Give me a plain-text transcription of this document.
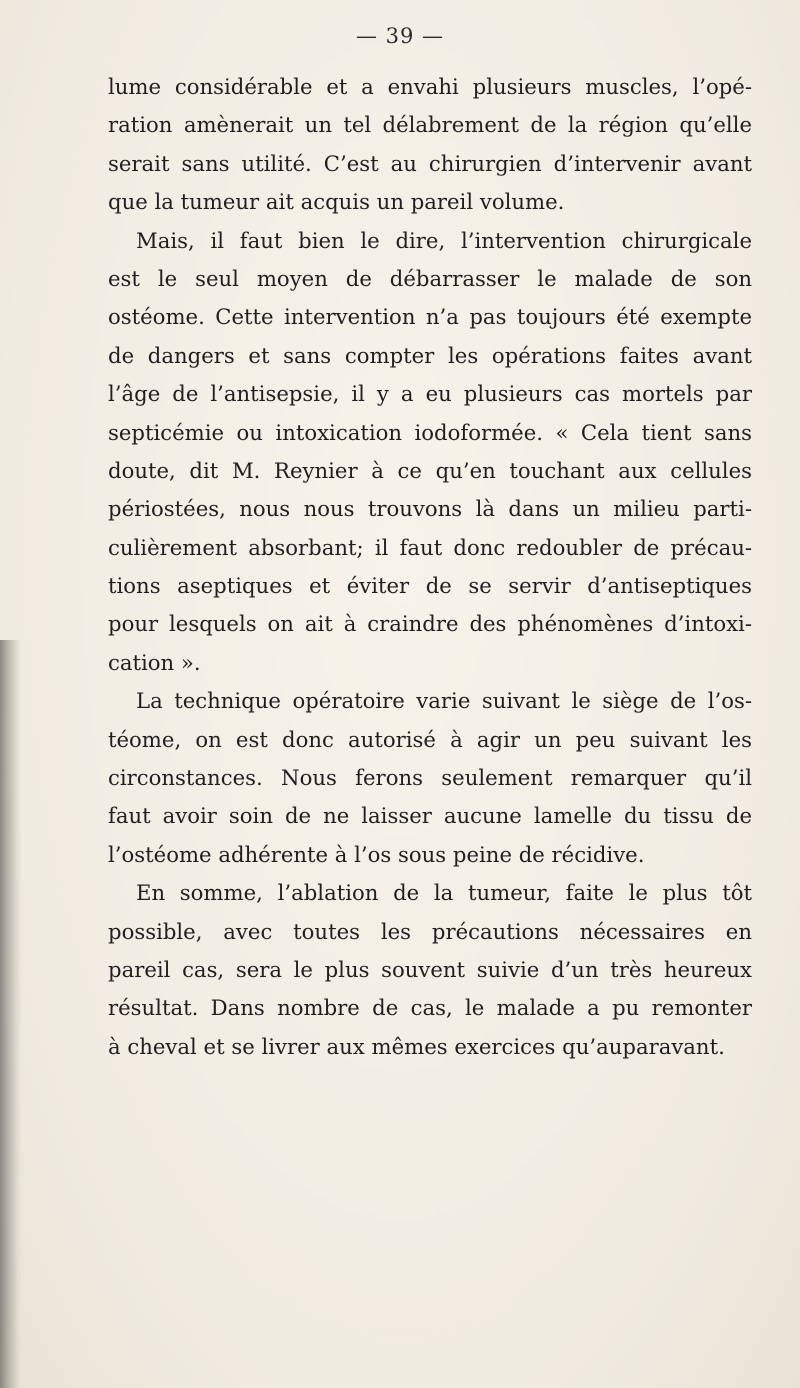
— 39 —
lume considérable et a envahi plusieurs muscles, l’opé-
ration amènerait un tel délabrement de la région qu’elle
serait sans utilité. C’est au chirurgien d’intervenir avant
que la tumeur ait acquis un pareil volume.
Mais, il faut bien le dire, l’intervention chirurgicale
est le seul moyen de débarrasser le malade de son
ostéome. Cette intervention n’a pas toujours été exempte
de dangers et sans compter les opérations faites avant
l’âge de l’antisepsie, il y a eu plusieurs cas mortels par
septicémie ou intoxication iodoformée. « Cela tient sans
doute, dit M. Reynier à ce qu’en touchant aux cellules
périostées, nous nous trouvons là dans un milieu parti-
culièrement absorbant; il faut donc redoubler de précau-
tions aseptiques et éviter de se servir d’antiseptiques
pour lesquels on ait à craindre des phénomènes d’intoxi-
cation ».
La technique opératoire varie suivant le siège de l’os-
téome, on est donc autorisé à agir un peu suivant les
circonstances. Nous ferons seulement remarquer qu’il
faut avoir soin de ne laisser aucune lamelle du tissu de
l’ostéome adhérente à l’os sous peine de récidive.
En somme, l’ablation de la tumeur, faite le plus tôt
possible, avec toutes les précautions nécessaires en
pareil cas, sera le plus souvent suivie d’un très heureux
résultat. Dans nombre de cas, le malade a pu remonter
à cheval et se livrer aux mêmes exercices qu’auparavant.
